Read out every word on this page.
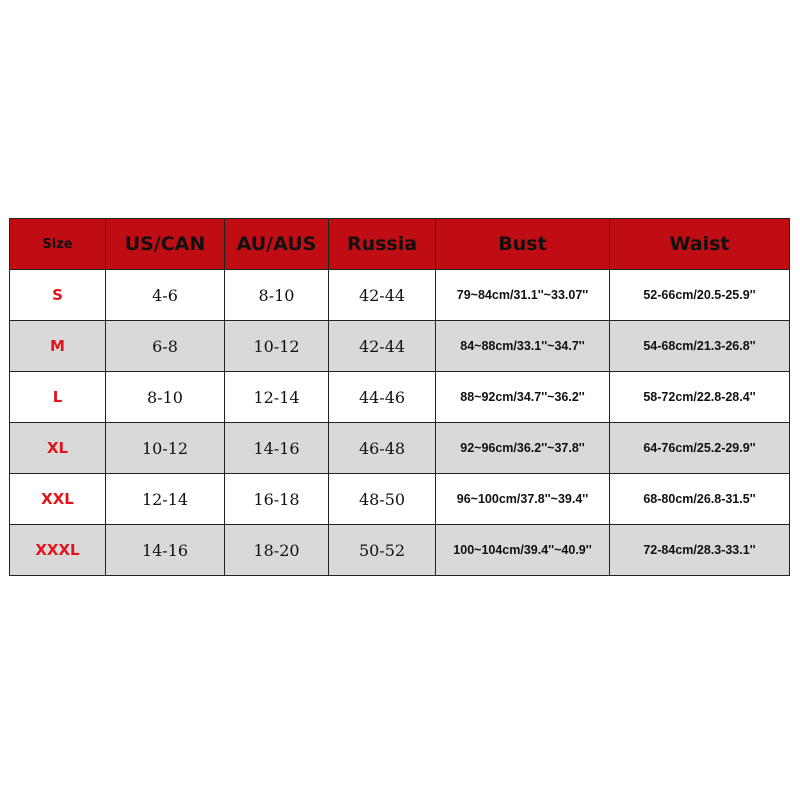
Size	US/CAN	AU/AUS	Russia	Bust	Waist
S	4-6	8-10	42-44	79~84cm/31.1''~33.07''	52-66cm/20.5-25.9''
M	6-8	10-12	42-44	84~88cm/33.1''~34.7''	54-68cm/21.3-26.8''
L	8-10	12-14	44-46	88~92cm/34.7''~36.2''	58-72cm/22.8-28.4''
XL	10-12	14-16	46-48	92~96cm/36.2''~37.8''	64-76cm/25.2-29.9''
XXL	12-14	16-18	48-50	96~100cm/37.8''~39.4''	68-80cm/26.8-31.5''
XXXL	14-16	18-20	50-52	100~104cm/39.4''~40.9''	72-84cm/28.3-33.1''
